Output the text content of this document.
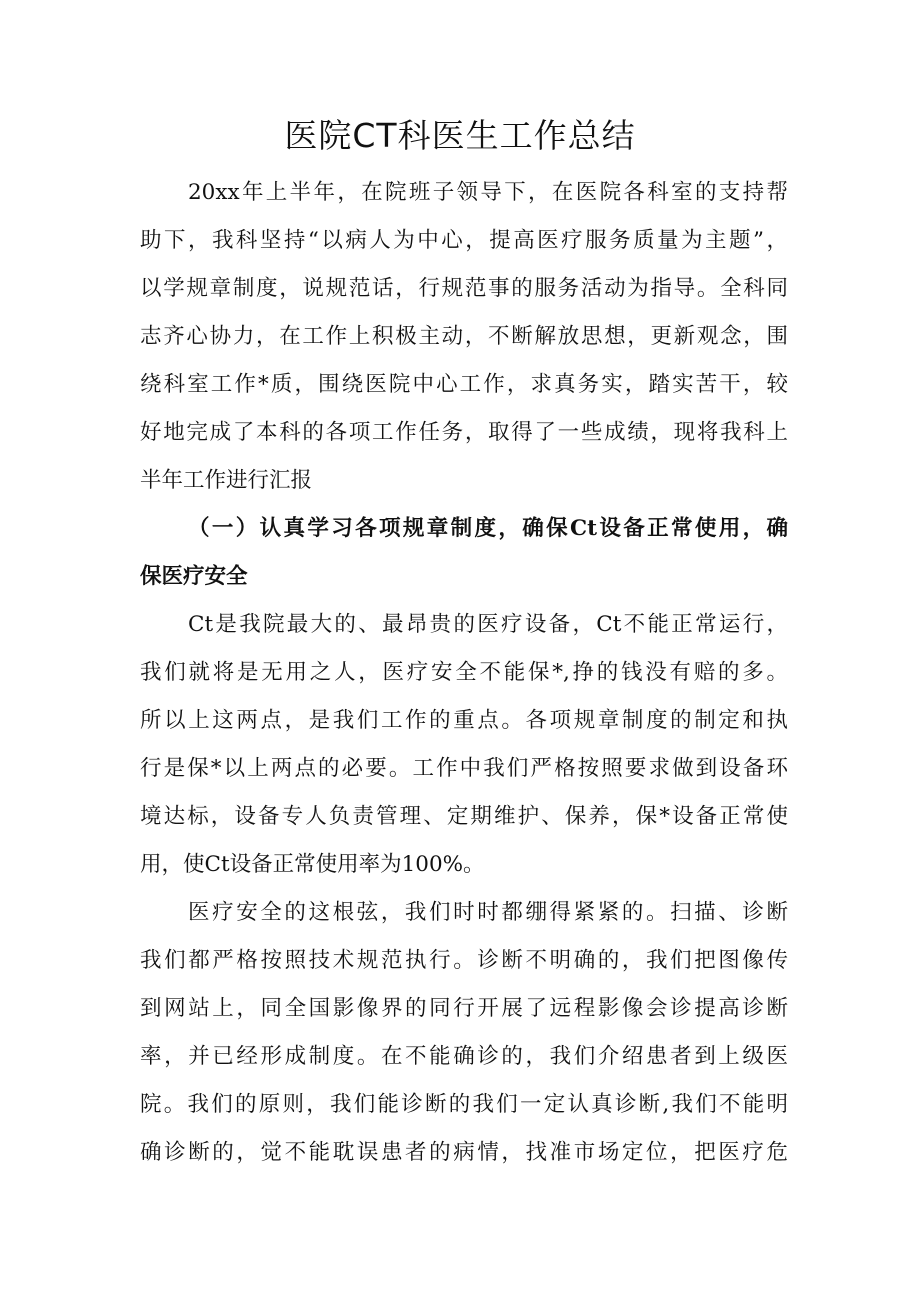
医院CT科医生工作总结
20xx年上半年，在院班子领导下，在医院各科室的支持帮
助下，我科坚持“以病人为中心，提高医疗服务质量为主题”，
以学规章制度，说规范话，行规范事的服务活动为指导。全科同
志齐心协力，在工作上积极主动，不断解放思想，更新观念，围
绕科室工作*质，围绕医院中心工作，求真务实，踏实苦干，较
好地完成了本科的各项工作任务，取得了一些成绩，现将我科上
半年工作进行汇报
（一）认真学习各项规章制度，确保Ct设备正常使用，确
保医疗安全
Ct是我院最大的、最昂贵的医疗设备，Ct不能正常运行，
我们就将是无用之人，医疗安全不能保*,挣的钱没有赔的多。
所以上这两点，是我们工作的重点。各项规章制度的制定和执
行是保*以上两点的必要。工作中我们严格按照要求做到设备环
境达标，设备专人负责管理、定期维护、保养，保*设备正常使
用，使Ct设备正常使用率为100%。
医疗安全的这根弦，我们时时都绷得紧紧的。扫描、诊断
我们都严格按照技术规范执行。诊断不明确的，我们把图像传
到网站上，同全国影像界的同行开展了远程影像会诊提高诊断
率，并已经形成制度。在不能确诊的，我们介绍患者到上级医
院。我们的原则，我们能诊断的我们一定认真诊断,我们不能明
确诊断的，觉不能耽误患者的病情，找准市场定位，把医疗危
